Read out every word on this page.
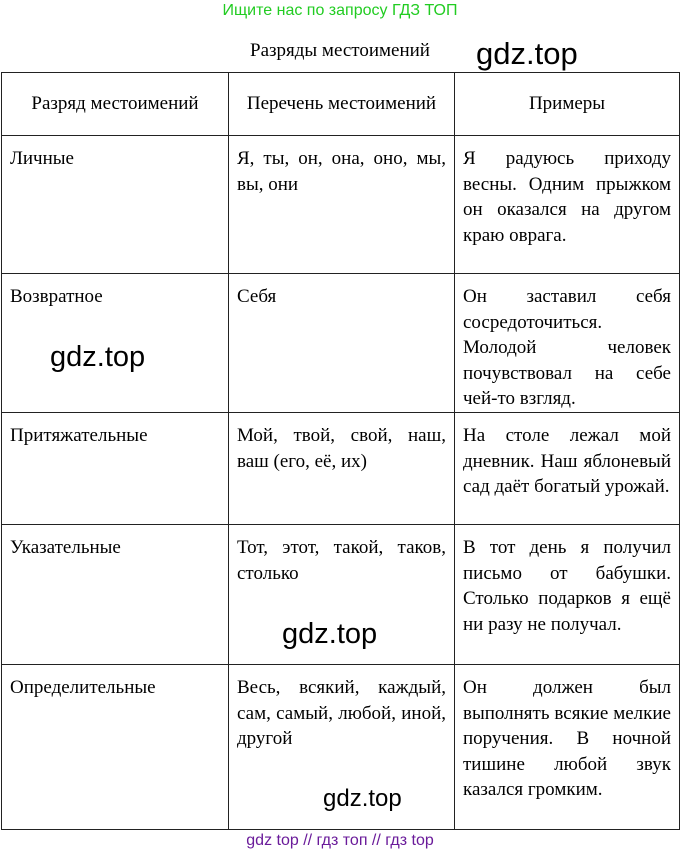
Ищите нас по запросу ГДЗ ТОП
Разряды местоимений	gdz.top
Разряд местоимений	Перечень местоимений	Примеры
Личные	Я, ты, он, она, оно, мы, вы, они	Я радуюсь приходу весны. Одним прыжком он оказался на другом краю оврага.
Возвратное	Себя	Он заставил себя сосредоточиться. Молодой человек почувствовал на себе чей-то взгляд.
Притяжательные	Мой, твой, свой, наш, ваш (его, её, их)	На столе лежал мой дневник. Наш яблоневый сад даёт богатый урожай.
Указательные	Тот, этот, такой, таков, столько	В тот день я получил письмо от бабушки. Столько подарков я ещё ни разу не получал.
Определительные	Весь, всякий, каждый, сам, самый, любой, иной, другой	Он должен был выполнять всякие мелкие поручения. В ночной тишине любой звук казался громким.
gdz.top
gdz.top
gdz.top
gdz top // гдз топ // гдз top
